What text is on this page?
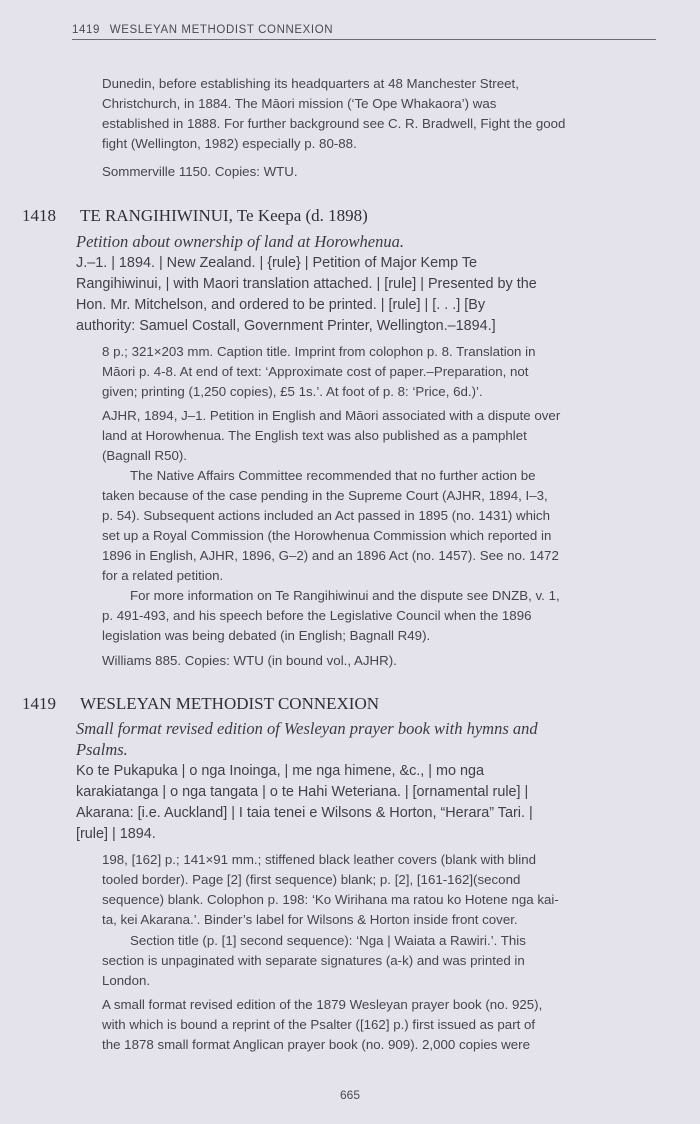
1419 WESLEYAN METHODIST CONNEXION

Dunedin, before establishing its headquarters at 48 Manchester Street,

Christchurch, in 1884. The Māori mission (‘Te Ope Whakaora’) was

established in 1888. For further background see C. R. Bradwell, Fight the good

fight (Wellington, 1982) especially p. 80-88.

Sommerville 1150. Copies: WTU.

1418 TE RANGIHIWINUI, Te Keepa (d. 1898)
Petition about ownership of land at Horowhenua.
J.–1. | 1894. | New Zealand. | {rule} | Petition of Major Kemp Te
Rangihiwinui, | with Maori translation attached. | [rule] | Presented by the
Hon. Mr. Mitchelson, and ordered to be printed. | [rule] | [. . .] [By
authority: Samuel Costall, Government Printer, Wellington.–1894.]

8 p.; 321×203 mm. Caption title. Imprint from colophon p. 8. Translation in

Māori p. 4-8. At end of text: ‘Approximate cost of paper.–Preparation, not

given; printing (1,250 copies), £5 1s.’. At foot of p. 8: ‘Price, 6d.)’.

AJHR, 1894, J–1. Petition in English and Māori associated with a dispute over

land at Horowhenua. The English text was also published as a pamphlet

(Bagnall R50).

The Native Affairs Committee recommended that no further action be

taken because of the case pending in the Supreme Court (AJHR, 1894, I–3,

p. 54). Subsequent actions included an Act passed in 1895 (no. 1431) which

set up a Royal Commission (the Horowhenua Commission which reported in

1896 in English, AJHR, 1896, G–2) and an 1896 Act (no. 1457). See no. 1472

for a related petition.

For more information on Te Rangihiwinui and the dispute see DNZB, v. 1,

p. 491-493, and his speech before the Legislative Council when the 1896

legislation was being debated (in English; Bagnall R49).

Williams 885. Copies: WTU (in bound vol., AJHR).

1419 WESLEYAN METHODIST CONNEXION
Small format revised edition of Wesleyan prayer book with hymns and
Psalms.
Ko te Pukapuka | o nga Inoinga, | me nga himene, &c., | mo nga
karakiatanga | o nga tangata | o te Hahi Weteriana. | [ornamental rule] |
Akarana: [i.e. Auckland] | I taia tenei e Wilsons & Horton, “Herara” Tari. |
[rule] | 1894.

198, [162] p.; 141×91 mm.; stiffened black leather covers (blank with blind

tooled border). Page [2] (first sequence) blank; p. [2], [161-162](second

sequence) blank. Colophon p. 198: ‘Ko Wirihana ma ratou ko Hotene nga kai-

ta, kei Akarana.’. Binder’s label for Wilsons & Horton inside front cover.

Section title (p. [1] second sequence): ‘Nga | Waiata a Rawiri.’. This

section is unpaginated with separate signatures (a-k) and was printed in

London.

A small format revised edition of the 1879 Wesleyan prayer book (no. 925),

with which is bound a reprint of the Psalter ([162] p.) first issued as part of

the 1878 small format Anglican prayer book (no. 909). 2,000 copies were

665
